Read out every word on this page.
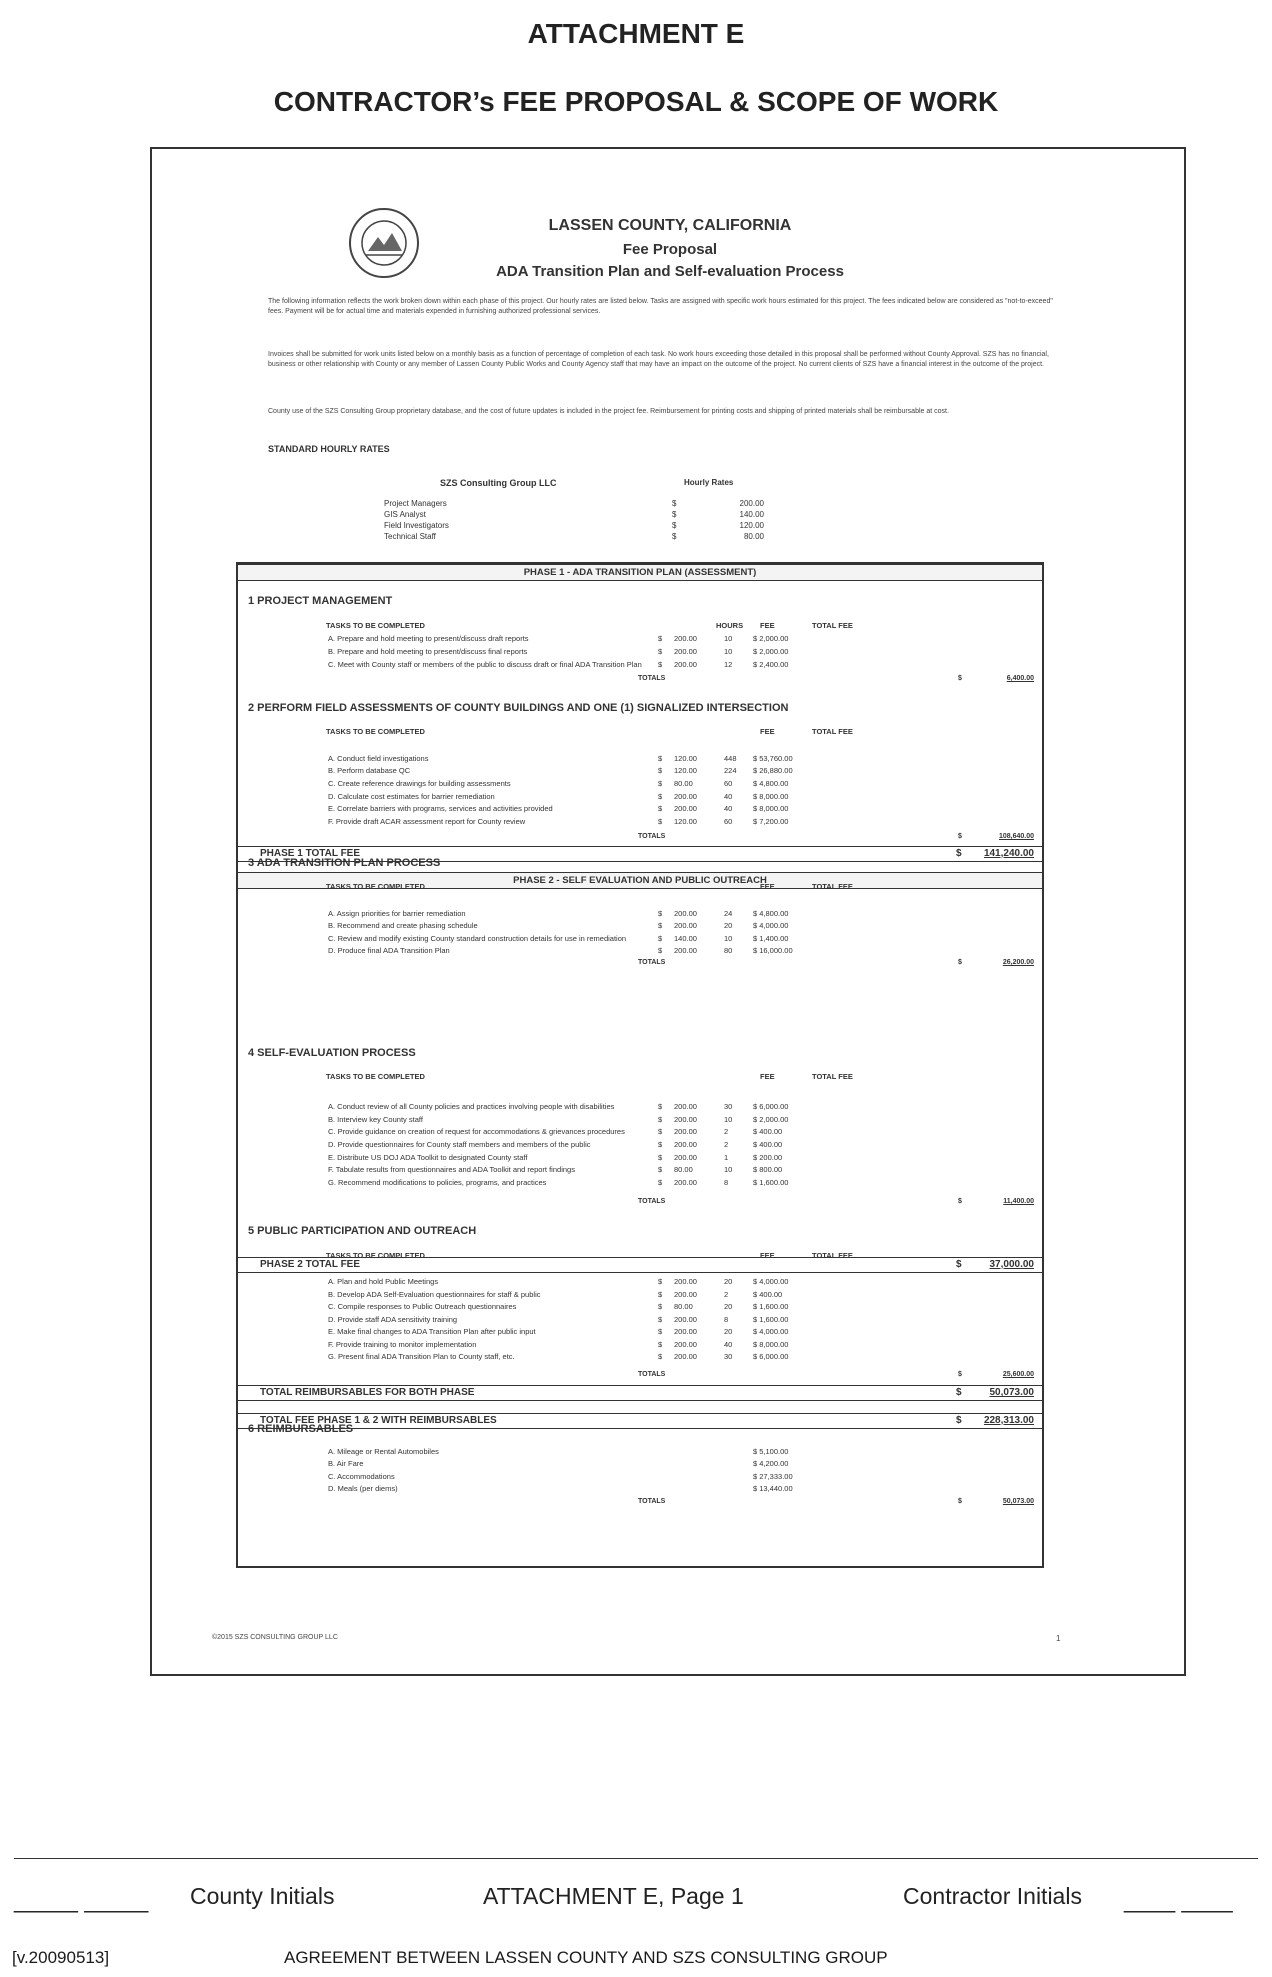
ATTACHMENT E
CONTRACTOR’s FEE PROPOSAL & SCOPE OF WORK
LASSEN COUNTY, CALIFORNIA
Fee Proposal
ADA Transition Plan and Self-evaluation Process
The following information reflects the work broken down within each phase of this project. Our hourly rates are listed below. Tasks are assigned with specific work hours estimated for this project. The fees indicated below are considered as "not-to-exceed" fees. Payment will be for actual time and materials expended in furnishing authorized professional services.
Invoices shall be submitted for work units listed below on a monthly basis as a function of percentage of completion of each task. No work hours exceeding those detailed in this proposal shall be performed without County Approval. SZS has no financial, business or other relationship with County or any member of Lassen County Public Works and County Agency staff that may have an impact on the outcome of the project. No current clients of SZS have a financial interest in the outcome of the project.
County use of the SZS Consulting Group proprietary database, and the cost of future updates is included in the project fee. Reimbursement for printing costs and shipping of printed materials shall be reimbursable at cost.
STANDARD HOURLY RATES
SZS Consulting Group LLC	Hourly Rates
Project Managers	$	200.00
GIS Analyst	$	140.00
Field Investigators	$	120.00
Technical Staff	$	80.00
PHASE 1 - ADA TRANSITION PLAN (ASSESSMENT)
PHASE 2 - SELF EVALUATION AND PUBLIC OUTREACH
1 PROJECT MANAGEMENT
TASKS TO BE COMPLETED	HOURS FEE	TOTAL FEE
A. Prepare and hold meeting to present/discuss draft reports	$ 200.00	10	$ 2,000.00
B. Prepare and hold meeting to present/discuss final reports	$ 200.00	10	$ 2,000.00
C. Meet with County staff or members of the public to discuss draft or final ADA Transition Plan $ 200.00	12	$ 2,400.00
TOTALS	$	6,400.00
2 PERFORM FIELD ASSESSMENTS OF COUNTY BUILDINGS AND ONE (1) SIGNALIZED INTERSECTION
TASKS TO BE COMPLETED	FEE	TOTAL FEE
A. Conduct field investigations	$ 120.00	448 $ 53,760.00
B. Perform database QC	$ 120.00	224 $ 26,880.00
C. Create reference drawings for building assessments	$ 80.00	60	$ 4,800.00
D. Calculate cost estimates for barrier remediation	$ 200.00	40	$ 8,000.00
E. Correlate barriers with programs, services and activities provided	$ 200.00	40	$ 8,000.00
F. Provide draft ACAR assessment report for County review	$ 120.00	60	$ 7,200.00
TOTALS	$	108,640.00
3 ADA TRANSITION PLAN PROCESS
TASKS TO BE COMPLETED	FEE	TOTAL FEE
A. Assign priorities for barrier remediation	$ 200.00	24	$ 4,800.00
B. Recommend and create phasing schedule	$ 200.00	20	$ 4,000.00
C. Review and modify existing County standard construction details for use in remediation	$ 140.00	10	$ 1,400.00
D. Produce final ADA Transition Plan	$ 200.00	80	$ 16,000.00
TOTALS	$	26,200.00
4 SELF-EVALUATION PROCESS
TASKS TO BE COMPLETED	FEE	TOTAL FEE
A. Conduct review of all County policies and practices involving people with disabilities	$ 200.00	30	$ 6,000.00
B. Interview key County staff	$ 200.00	10	$ 2,000.00
C. Provide guidance on creation of request for accommodations & grievances procedures	$ 200.00	2	$ 400.00
D. Provide questionnaires for County staff members and members of the public	$ 200.00	2	$ 400.00
E. Distribute US DOJ ADA Toolkit to designated County staff	$ 200.00	1	$ 200.00
F. Tabulate results from questionnaires and ADA Toolkit and report findings	$ 80.00	10	$ 800.00
G. Recommend modifications to policies, programs, and practices	$ 200.00	8	$ 1,600.00
TOTALS	$	11,400.00
5 PUBLIC PARTICIPATION AND OUTREACH
TASKS TO BE COMPLETED	FEE	TOTAL FEE
A. Plan and hold Public Meetings	$ 200.00	20	$ 4,000.00
B. Develop ADA Self-Evaluation questionnaires for staff & public	$ 200.00	2	$ 400.00
C. Compile responses to Public Outreach questionnaires	$ 80.00	20	$ 1,600.00
D. Provide staff ADA sensitivity training	$ 200.00	8	$ 1,600.00
E. Make final changes to ADA Transition Plan after public input	$ 200.00	20	$ 4,000.00
F. Provide training to monitor implementation	$ 200.00	40	$ 8,000.00
G. Present final ADA Transition Plan to County staff, etc.	$ 200.00	30	$ 6,000.00
TOTALS	$	25,600.00
6 REIMBURSABLES
A. Mileage or Rental Automobiles	$ 5,100.00
B. Air Fare	$ 4,200.00
C. Accommodations	$ 27,333.00
D. Meals (per diems)	$ 13,440.00
TOTALS	$	50,073.00
PHASE 1 TOTAL FEE	$ 141,240.00
PHASE 2 TOTAL FEE	$	37,000.00
TOTAL REIMBURSABLES FOR BOTH PHASE	$	50,073.00
TOTAL FEE PHASE 1 & 2 WITH REIMBURSABLES	$ 228,313.00
©2015 SZS CONSULTING GROUP LLC	1
_____ _____ County Initials	ATTACHMENT E, Page 1	Contractor Initials ____ ____
[v.20090513]	AGREEMENT BETWEEN LASSEN COUNTY AND SZS CONSULTING GROUP
